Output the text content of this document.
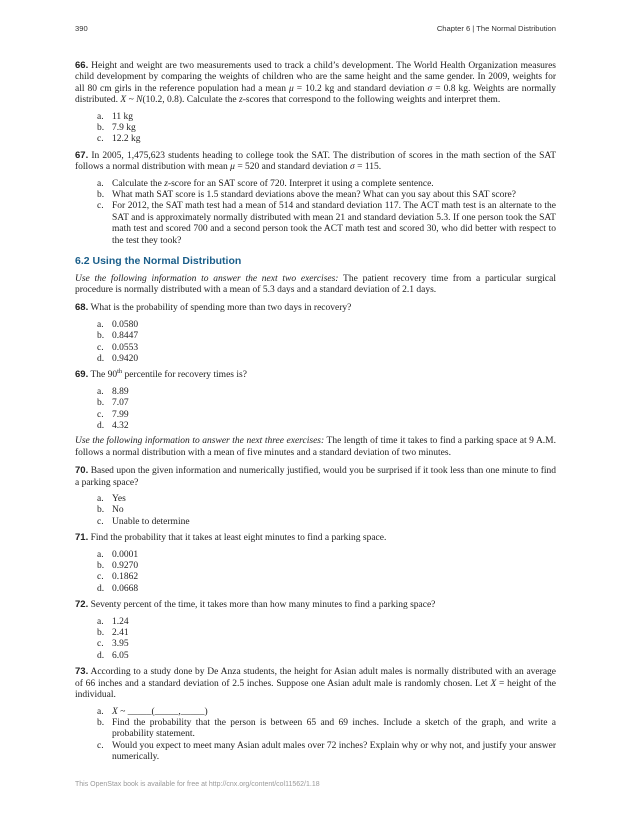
390	Chapter 6 | The Normal Distribution

66. Height and weight are two measurements used to track a child’s development. The World Health Organization measures child development by comparing the weights of children who are the same height and the same gender. In 2009, weights for all 80 cm girls in the reference population had a mean μ = 10.2 kg and standard deviation σ = 0.8 kg. Weights are normally distributed. X ~ N(10.2, 0.8). Calculate the z-scores that correspond to the following weights and interpret them.

a. 11 kg
b. 7.9 kg
c. 12.2 kg

67. In 2005, 1,475,623 students heading to college took the SAT. The distribution of scores in the math section of the SAT follows a normal distribution with mean μ = 520 and standard deviation σ = 115.

a. Calculate the z-score for an SAT score of 720. Interpret it using a complete sentence.
b. What math SAT score is 1.5 standard deviations above the mean? What can you say about this SAT score?
c. For 2012, the SAT math test had a mean of 514 and standard deviation 117. The ACT math test is an alternate to the SAT and is approximately normally distributed with mean 21 and standard deviation 5.3. If one person took the SAT math test and scored 700 and a second person took the ACT math test and scored 30, who did better with respect to the test they took?
6.2 Using the Normal Distribution

Use the following information to answer the next two exercises: The patient recovery time from a particular surgical procedure is normally distributed with a mean of 5.3 days and a standard deviation of 2.1 days.

68. What is the probability of spending more than two days in recovery?

a. 0.0580
b. 0.8447
c. 0.0553
d. 0.9420

69. The 90th percentile for recovery times is?

a. 8.89
b. 7.07
c. 7.99
d. 4.32

Use the following information to answer the next three exercises: The length of time it takes to find a parking space at 9 A.M. follows a normal distribution with a mean of five minutes and a standard deviation of two minutes.

70. Based upon the given information and numerically justified, would you be surprised if it took less than one minute to find a parking space?

a. Yes
b. No
c. Unable to determine

71. Find the probability that it takes at least eight minutes to find a parking space.

a. 0.0001
b. 0.9270
c. 0.1862
d. 0.0668

72. Seventy percent of the time, it takes more than how many minutes to find a parking space?

a. 1.24
b. 2.41
c. 3.95
d. 6.05

73. According to a study done by De Anza students, the height for Asian adult males is normally distributed with an average of 66 inches and a standard deviation of 2.5 inches. Suppose one Asian adult male is randomly chosen. Let X = height of the individual.

a. X ~ _____(_____,_____)
b. Find the probability that the person is between 65 and 69 inches. Include a sketch of the graph, and write a probability statement.
c. Would you expect to meet many Asian adult males over 72 inches? Explain why or why not, and justify your answer numerically.
This OpenStax book is available for free at http://cnx.org/content/col11562/1.18
